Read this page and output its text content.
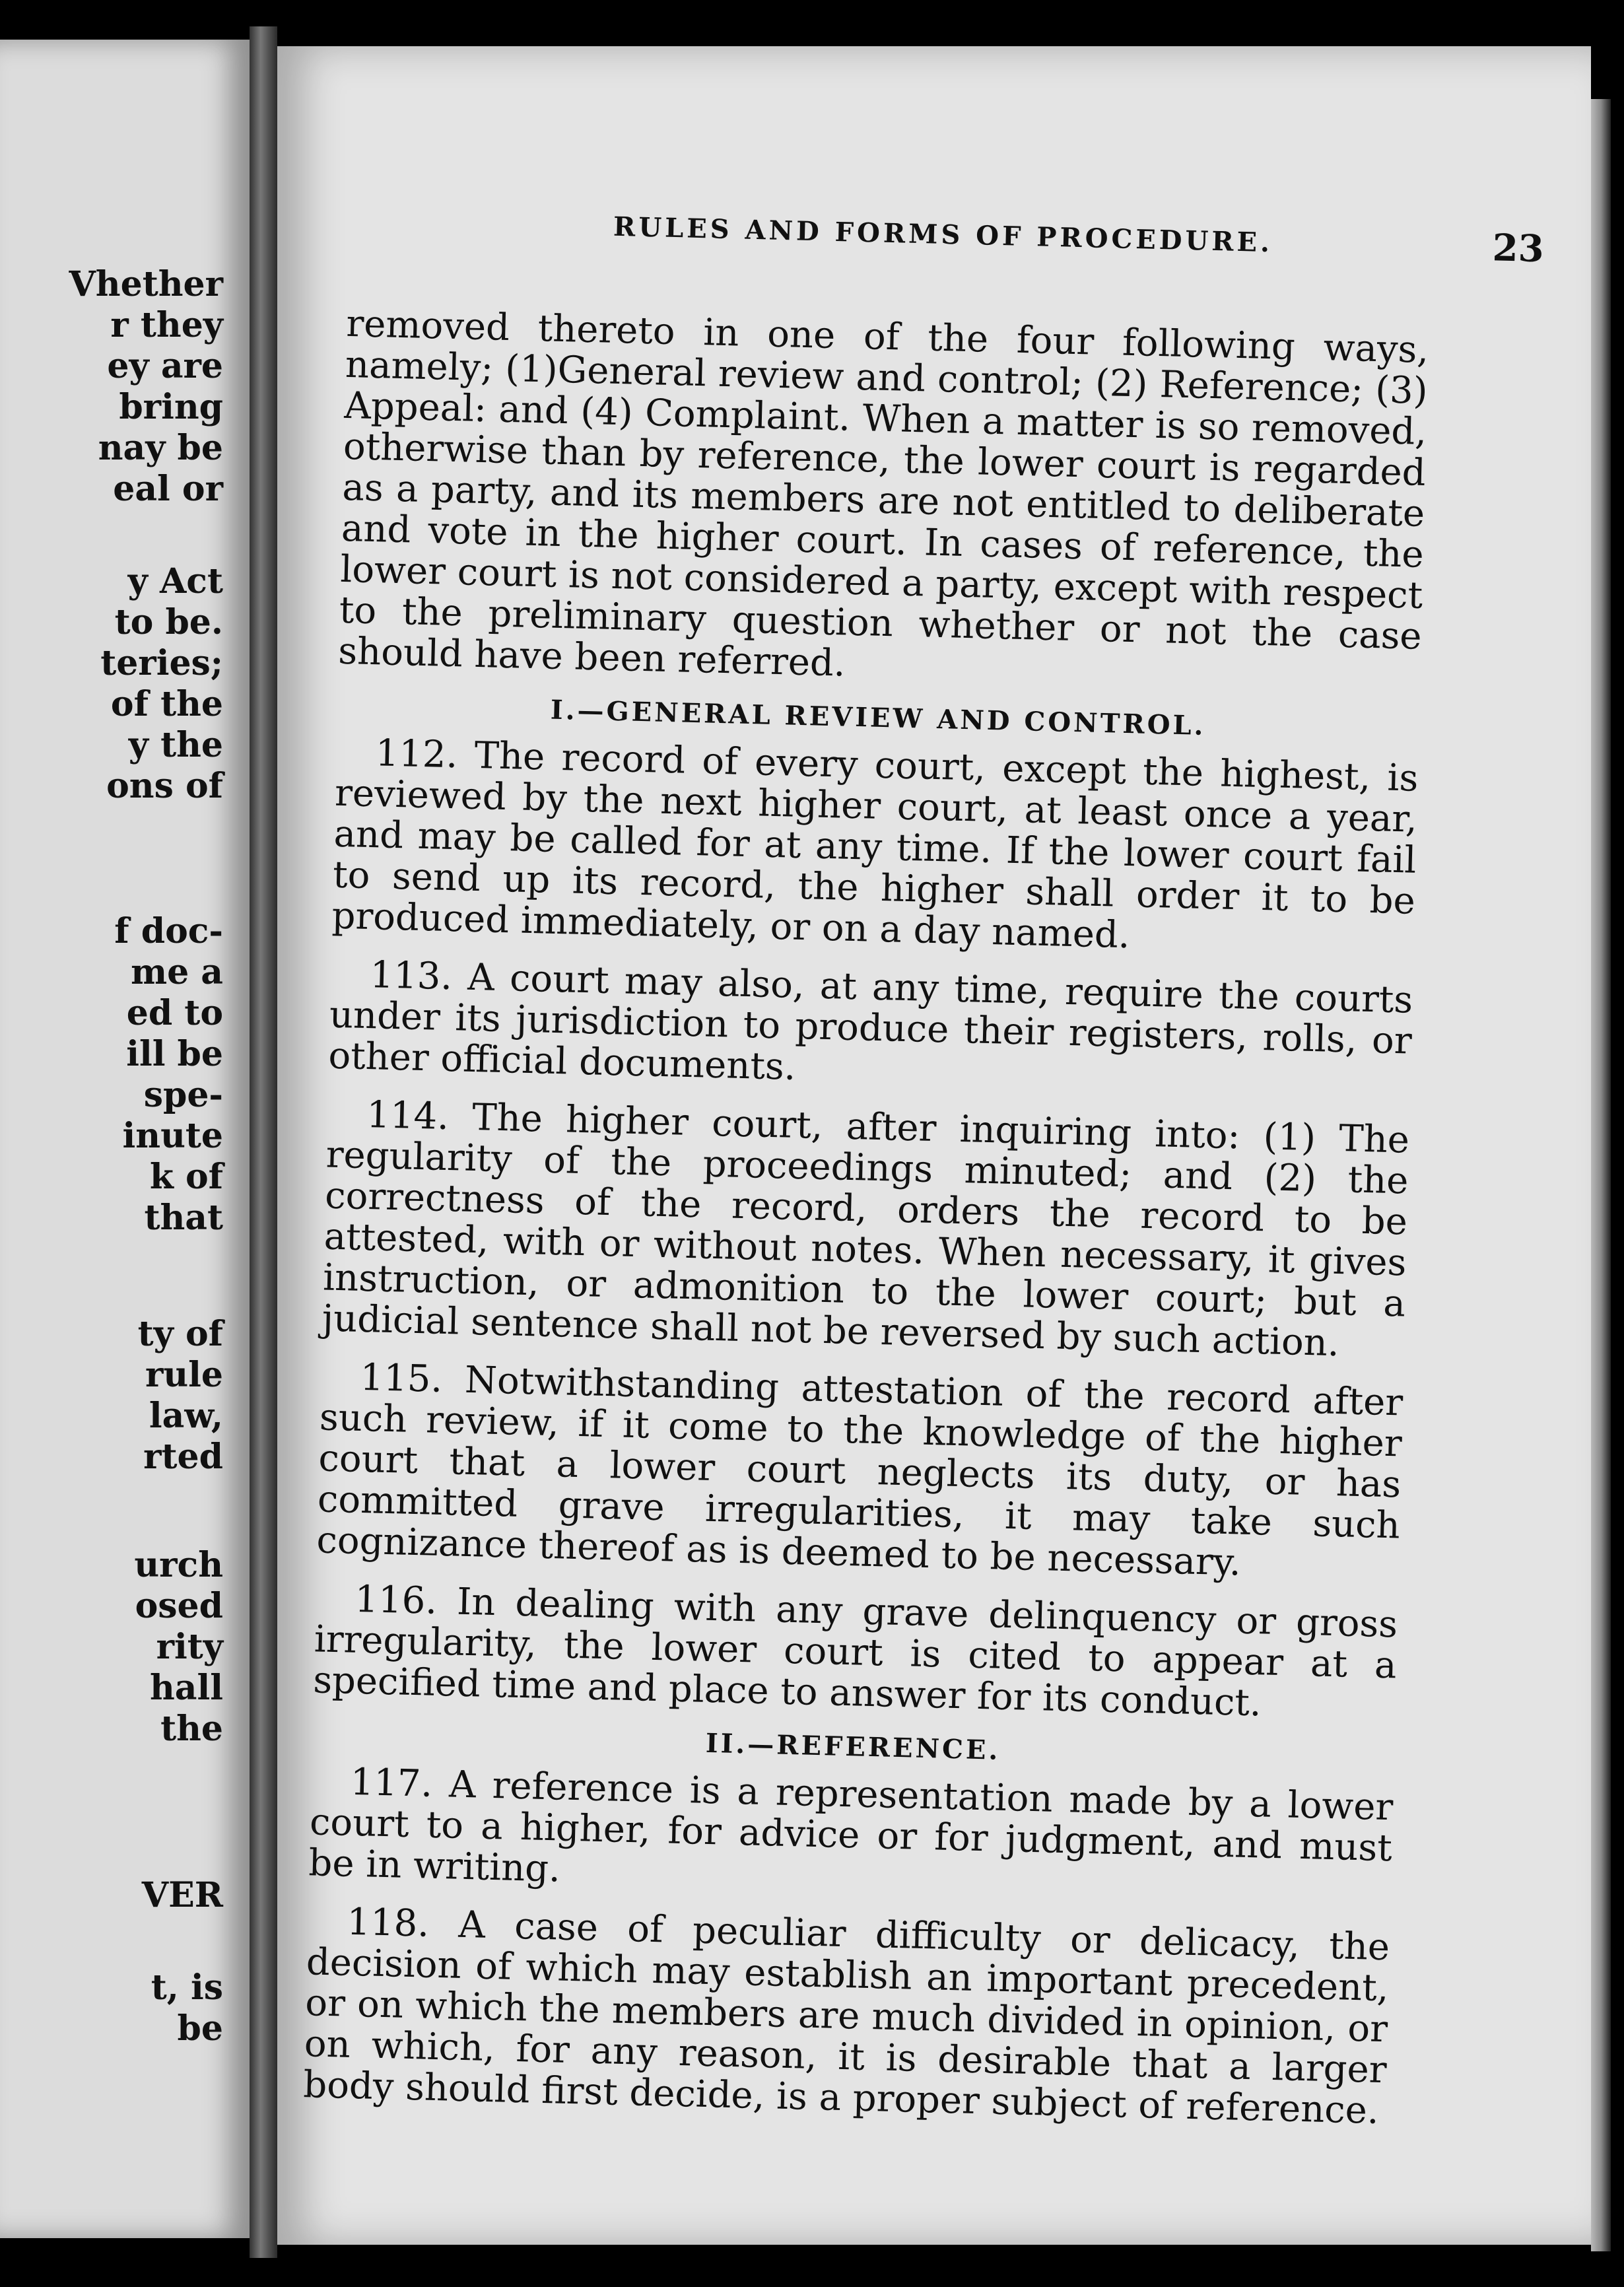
Vhether
r they
ey are
bring
nay be
eal or
y Act
to be.
teries;
of the
y the
ons of
f doc-
me a
ed to
ill be
spe-
inute
k of
that
ty of
rule
law,
rted
urch
osed
rity
hall
the
VER
t, is
be
RULES AND FORMS OF PROCEDURE.	23

removed thereto in one of the four following ways, namely; (1)General review and control; (2) Reference; (3) Appeal: and (4) Complaint. When a matter is so removed, otherwise than by reference, the lower court is regarded as a party, and its members are not entitled to deliberate and vote in the higher court. In cases of reference, the lower court is not considered a party, except with respect to the preliminary question whether or not the case should have been referred.

I.—GENERAL REVIEW AND CONTROL.

112. The record of every court, except the highest, is reviewed by the next higher court, at least once a year, and may be called for at any time. If the lower court fail to send up its record, the higher shall order it to be produced immediately, or on a day named.

113. A court may also, at any time, require the courts under its jurisdiction to produce their registers, rolls, or other official documents.

114. The higher court, after inquiring into: (1) The regularity of the proceedings minuted; and (2) the correctness of the record, orders the record to be attested, with or without notes. When necessary, it gives instruction, or admonition to the lower court; but a judicial sentence shall not be reversed by such action.

115. Notwithstanding attestation of the record after such review, if it come to the knowledge of the higher court that a lower court neglects its duty, or has committed grave irregularities, it may take such cognizance thereof as is deemed to be necessary.

116. In dealing with any grave delinquency or gross irregularity, the lower court is cited to appear at a specified time and place to answer for its conduct.

II.—REFERENCE.

117. A reference is a representation made by a lower court to a higher, for advice or for judgment, and must be in writing.

118. A case of peculiar difficulty or delicacy, the decision of which may establish an important precedent, or on which the members are much divided in opinion, or on which, for any reason, it is desirable that a larger body should first decide, is a proper subject of reference.
